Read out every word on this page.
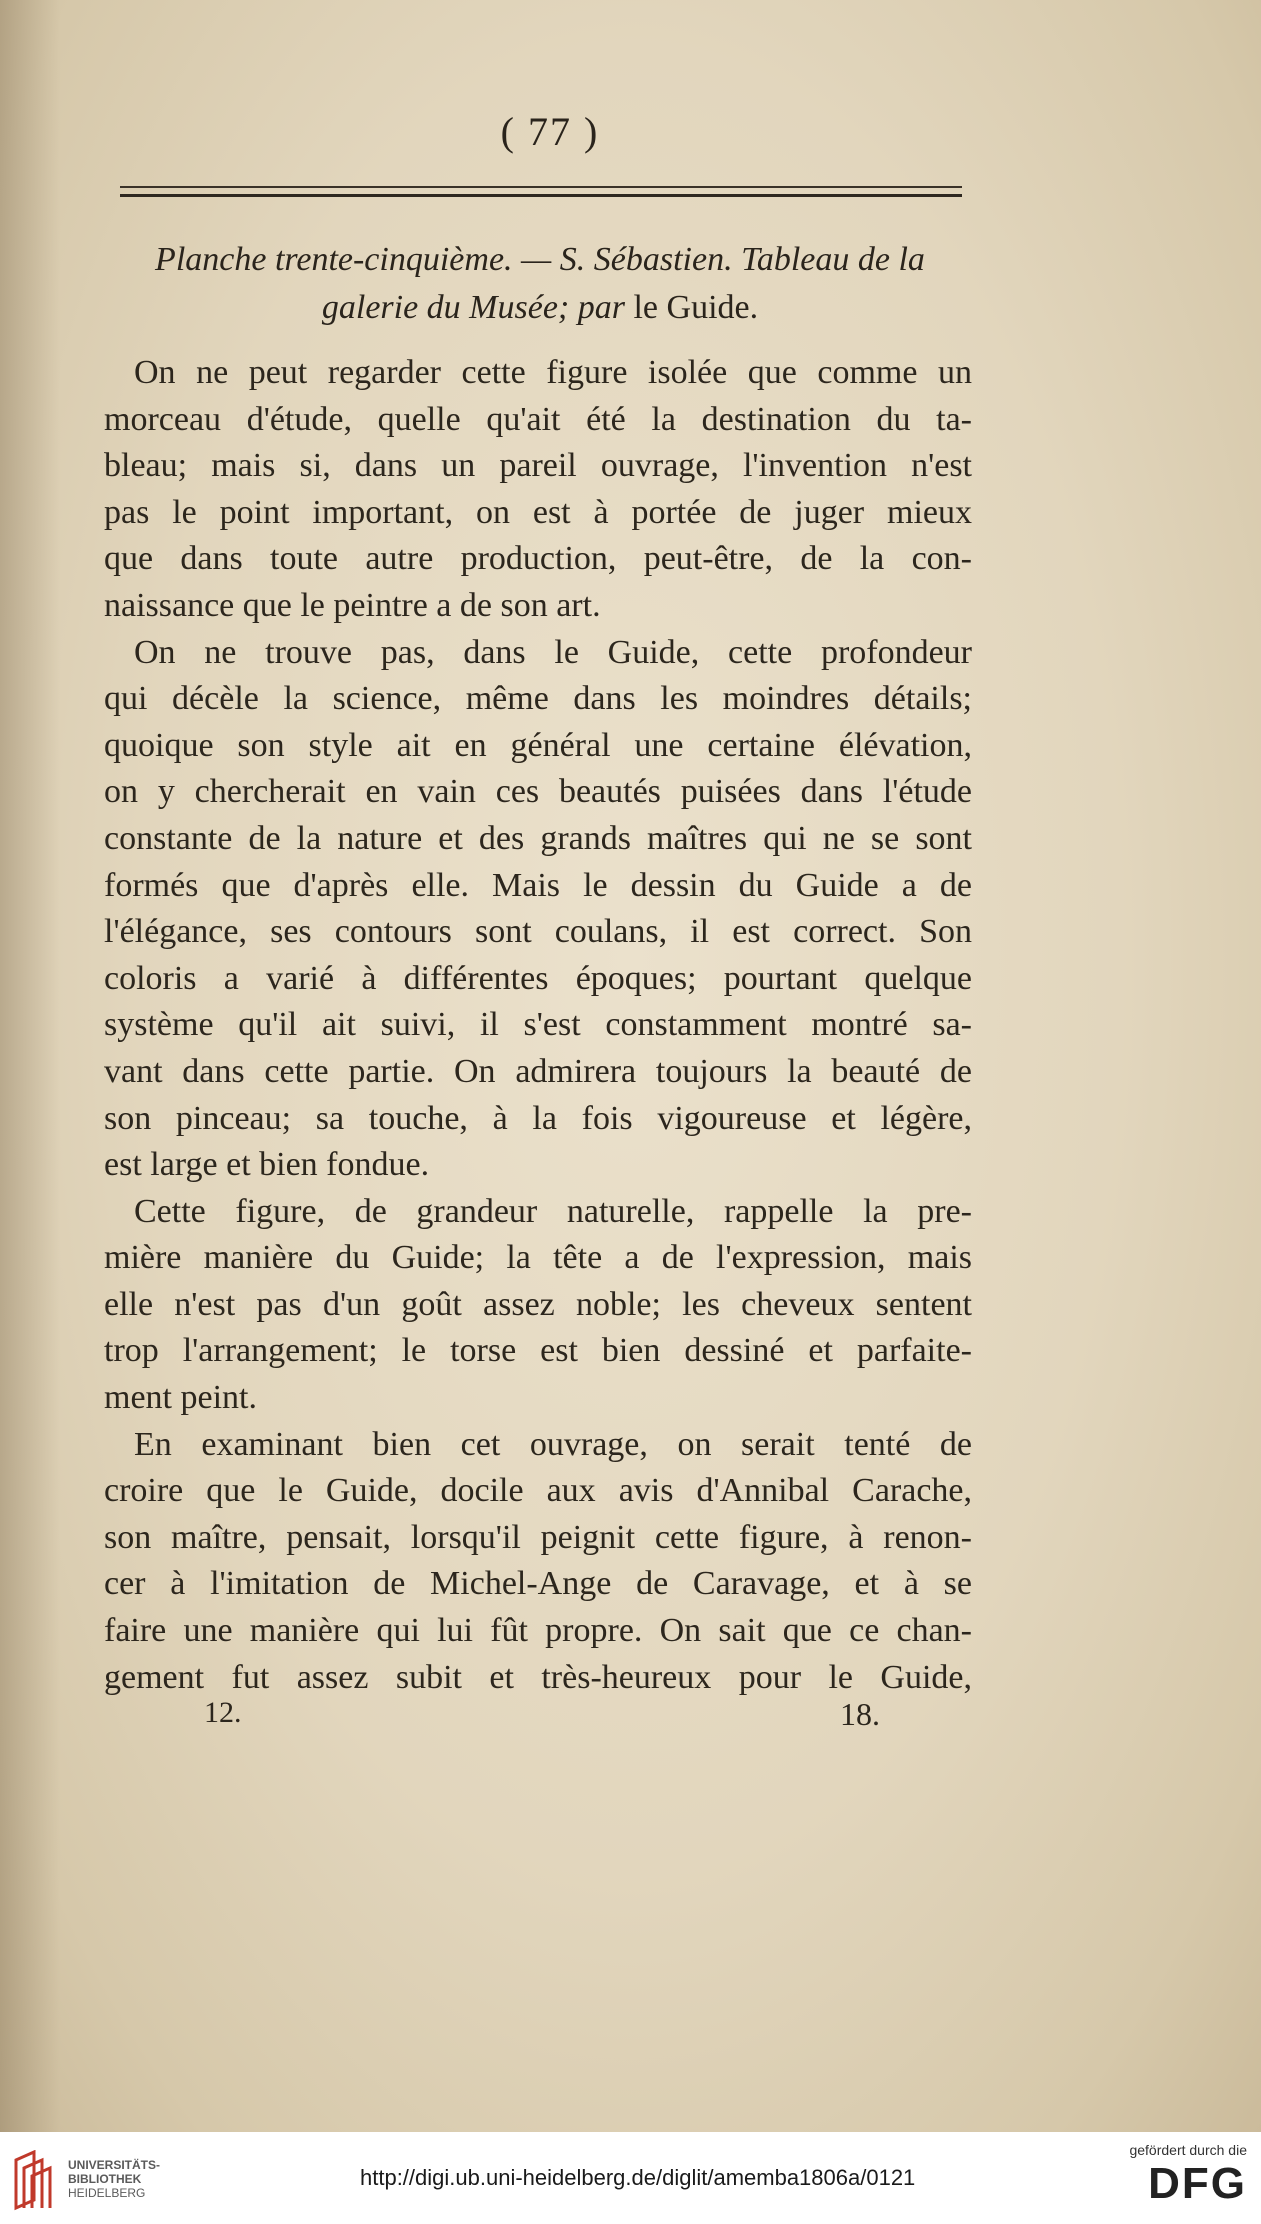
( 77 )
Planche trente-cinquième. — S. Sébastien. Tableau de la
galerie du Musée; par le Guide.

On ne peut regarder cette figure isolée que comme un
morceau d'étude, quelle qu'ait été la destination du ta-
bleau; mais si, dans un pareil ouvrage, l'invention n'est
pas le point important, on est à portée de juger mieux
que dans toute autre production, peut-être, de la con-
naissance que le peintre a de son art.

On ne trouve pas, dans le Guide, cette profondeur
qui décèle la science, même dans les moindres détails;
quoique son style ait en général une certaine élévation,
on y chercherait en vain ces beautés puisées dans l'étude
constante de la nature et des grands maîtres qui ne se sont
formés que d'après elle. Mais le dessin du Guide a de
l'élégance, ses contours sont coulans, il est correct. Son
coloris a varié à différentes époques; pourtant quelque
système qu'il ait suivi, il s'est constamment montré sa-
vant dans cette partie. On admirera toujours la beauté de
son pinceau; sa touche, à la fois vigoureuse et légère,
est large et bien fondue.

Cette figure, de grandeur naturelle, rappelle la pre-
mière manière du Guide; la tête a de l'expression, mais
elle n'est pas d'un goût assez noble; les cheveux sentent
trop l'arrangement; le torse est bien dessiné et parfaite-
ment peint.

En examinant bien cet ouvrage, on serait tenté de
croire que le Guide, docile aux avis d'Annibal Carache,
son maître, pensait, lorsqu'il peignit cette figure, à renon-
cer à l'imitation de Michel-Ange de Caravage, et à se
faire une manière qui lui fût propre. On sait que ce chan-
gement fut assez subit et très-heureux pour le Guide,

12.	18.
UNIVERSITÄTS-
BIBLIOTHEK
HEIDELBERG
http://digi.ub.uni-heidelberg.de/diglit/amemba1806a/0121
gefördert durch die
DFG
